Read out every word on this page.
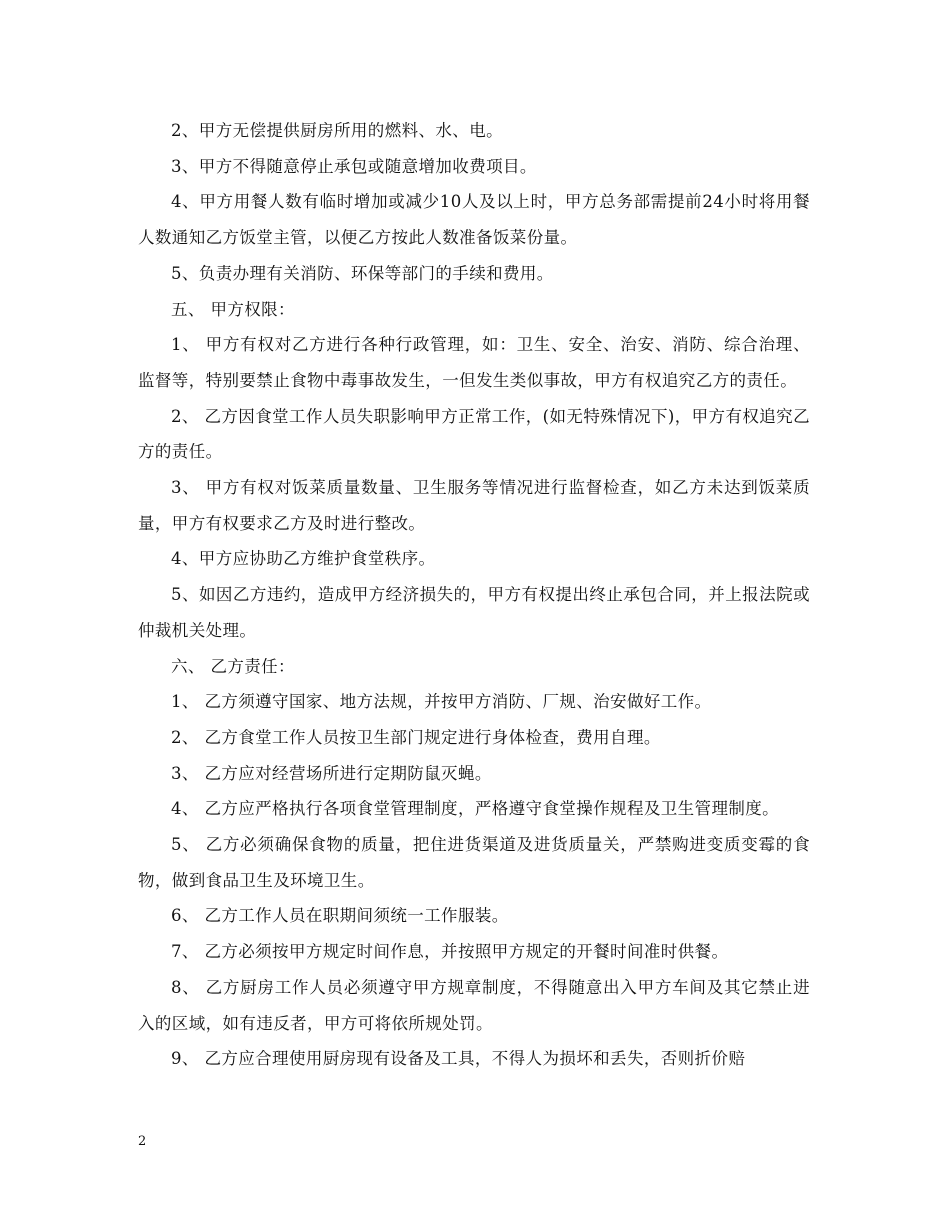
2、甲方无偿提供厨房所用的燃料、水、电。

3、甲方不得随意停止承包或随意增加收费项目。

4、甲方用餐人数有临时增加或减少10人及以上时，甲方总务部需提前24小时将用餐人数通知乙方饭堂主管，以便乙方按此人数准备饭菜份量。

5、负责办理有关消防、环保等部门的手续和费用。

五、 甲方权限：

1、 甲方有权对乙方进行各种行政管理，如：卫生、安全、治安、消防、综合治理、监督等，特别要禁止食物中毒事故发生，一但发生类似事故，甲方有权追究乙方的责任。

2、 乙方因食堂工作人员失职影响甲方正常工作，(如无特殊情况下)，甲方有权追究乙方的责任。

3、 甲方有权对饭菜质量数量、卫生服务等情况进行监督检查，如乙方未达到饭菜质量，甲方有权要求乙方及时进行整改。

4、甲方应协助乙方维护食堂秩序。

5、如因乙方违约，造成甲方经济损失的，甲方有权提出终止承包合同，并上报法院或仲裁机关处理。

六、 乙方责任：

1、 乙方须遵守国家、地方法规，并按甲方消防、厂规、治安做好工作。

2、 乙方食堂工作人员按卫生部门规定进行身体检查，费用自理。

3、 乙方应对经营场所进行定期防鼠灭蝇。

4、 乙方应严格执行各项食堂管理制度，严格遵守食堂操作规程及卫生管理制度。

5、 乙方必须确保食物的质量，把住进货渠道及进货质量关，严禁购进变质变霉的食物，做到食品卫生及环境卫生。

6、 乙方工作人员在职期间须统一工作服装。

7、 乙方必须按甲方规定时间作息，并按照甲方规定的开餐时间准时供餐。

8、 乙方厨房工作人员必须遵守甲方规章制度，不得随意出入甲方车间及其它禁止进入的区域，如有违反者，甲方可将依所规处罚。

9、 乙方应合理使用厨房现有设备及工具，不得人为损坏和丢失，否则折价赔

2
